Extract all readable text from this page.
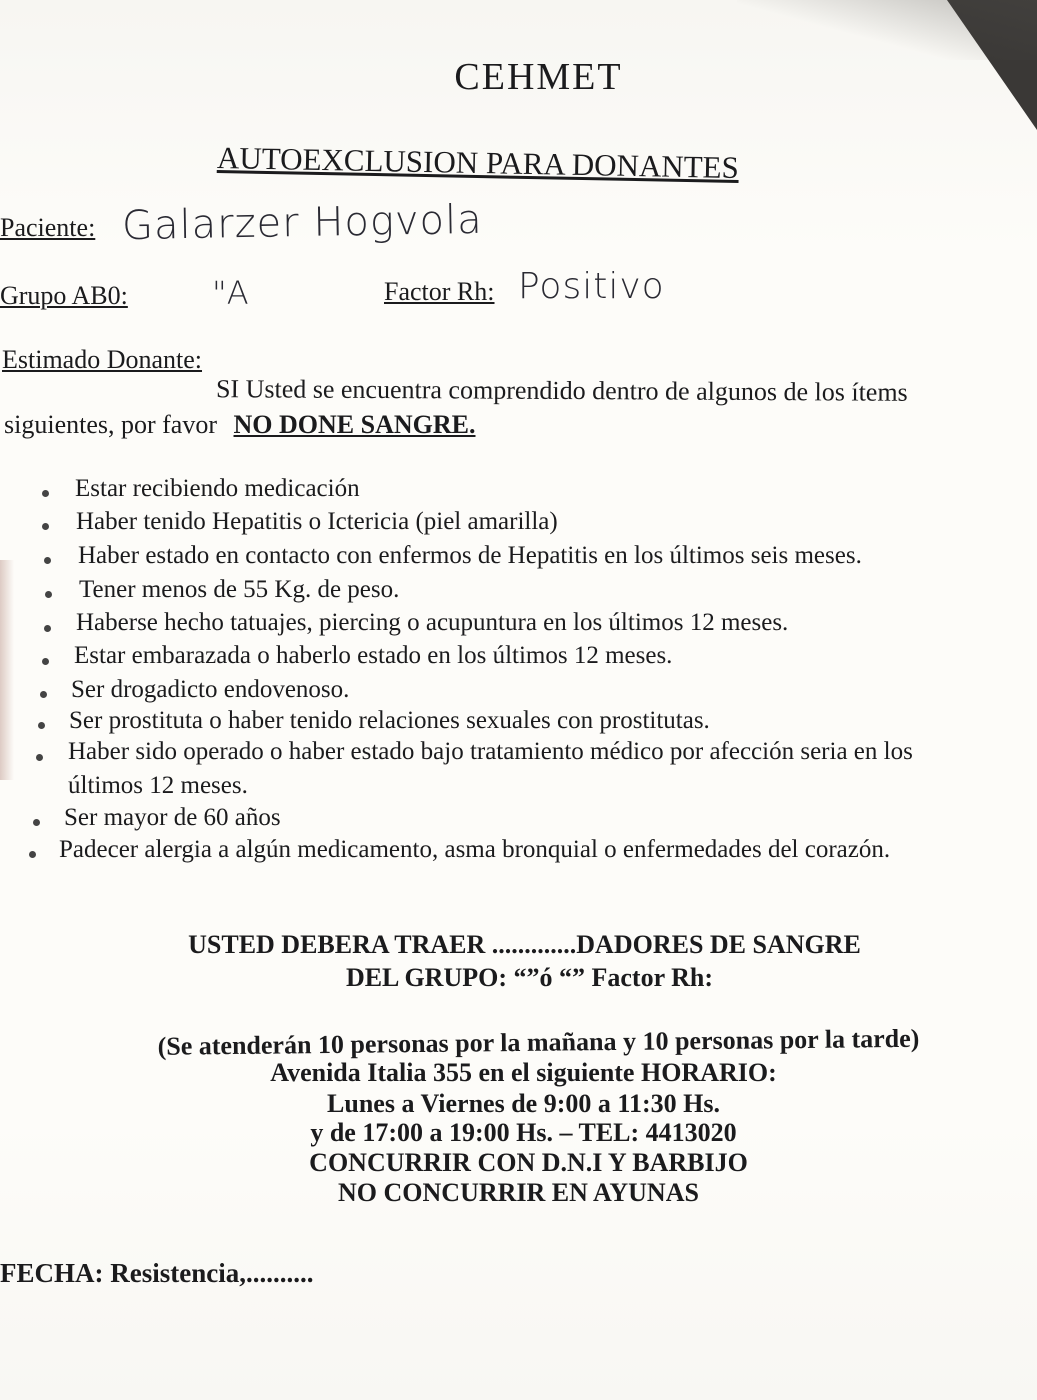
CEHMET
AUTOEXCLUSION PARA DONANTES
Paciente: Galarzer Hogvola
Grupo AB0:	"A	Factor Rh: Positivo
Estimado Donante:
SI Usted se encuentra comprendido dentro de algunos de los ítems
siguientes, por favor NO DONE SANGRE.
Estar recibiendo medicación
Haber tenido Hepatitis o Ictericia (piel amarilla)
Haber estado en contacto con enfermos de Hepatitis en los últimos seis meses.
Tener menos de 55 Kg. de peso.
Haberse hecho tatuajes, piercing o acupuntura en los últimos 12 meses.
Estar embarazada o haberlo estado en los últimos 12 meses.
Ser drogadicto endovenoso.
Ser prostituta o haber tenido relaciones sexuales con prostitutas.
Haber sido operado o haber estado bajo tratamiento médico por afección seria en los
últimos 12 meses.
Ser mayor de 60 años
Padecer alergia a algún medicamento, asma bronquial o enfermedades del corazón.
USTED DEBERA TRAER .............DADORES DE SANGRE
DEL GRUPO: “”ó “” Factor Rh:
(Se atenderán 10 personas por la mañana y 10 personas por la tarde)
Avenida Italia 355 en el siguiente HORARIO:
Lunes a Viernes de 9:00 a 11:30 Hs.
y de 17:00 a 19:00 Hs. – TEL: 4413020
CONCURRIR CON D.N.I Y BARBIJO
NO CONCURRIR EN AYUNAS
FECHA: Resistencia,..........
